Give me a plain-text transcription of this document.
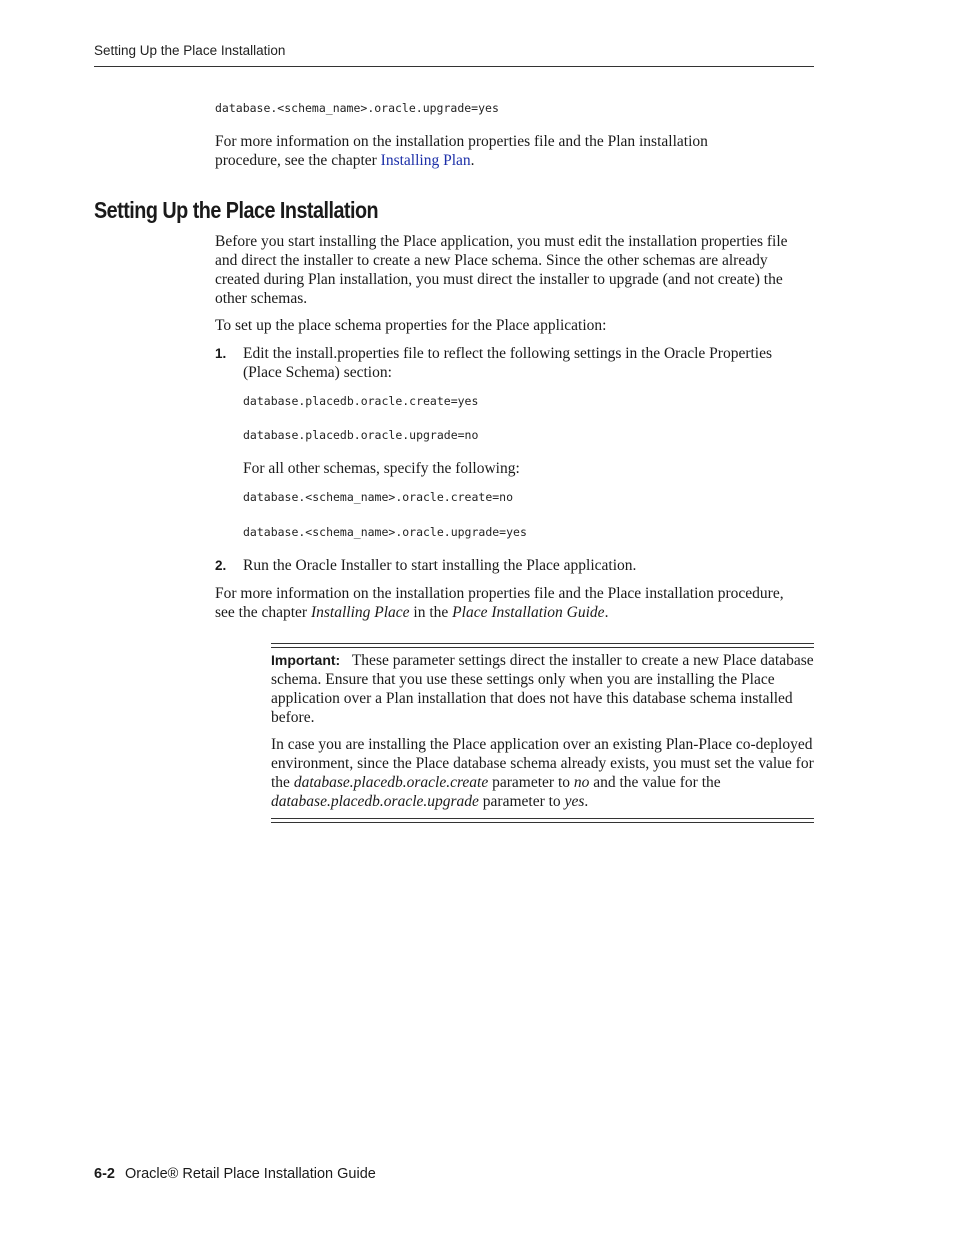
Setting Up the Place Installation
database.<schema_name>.oracle.upgrade=yes
For more information on the installation properties file and the Plan installation procedure, see the chapter Installing Plan.
Setting Up the Place Installation
Before you start installing the Place application, you must edit the installation properties file and direct the installer to create a new Place schema. Since the other schemas are already created during Plan installation, you must direct the installer to upgrade (and not create) the other schemas.
To set up the place schema properties for the Place application:
1. Edit the install.properties file to reflect the following settings in the Oracle Properties (Place Schema) section:
database.placedb.oracle.create=yes
database.placedb.oracle.upgrade=no
For all other schemas, specify the following:
database.<schema_name>.oracle.create=no
database.<schema_name>.oracle.upgrade=yes
2. Run the Oracle Installer to start installing the Place application.
For more information on the installation properties file and the Place installation procedure, see the chapter Installing Place in the Place Installation Guide.
Important: These parameter settings direct the installer to create a new Place database schema. Ensure that you use these settings only when you are installing the Place application over a Plan installation that does not have this database schema installed before.
In case you are installing the Place application over an existing Plan-Place co-deployed environment, since the Place database schema already exists, you must set the value for the database.placedb.oracle.create parameter to no and the value for the database.placedb.oracle.upgrade parameter to yes.
6-2 Oracle® Retail Place Installation Guide
